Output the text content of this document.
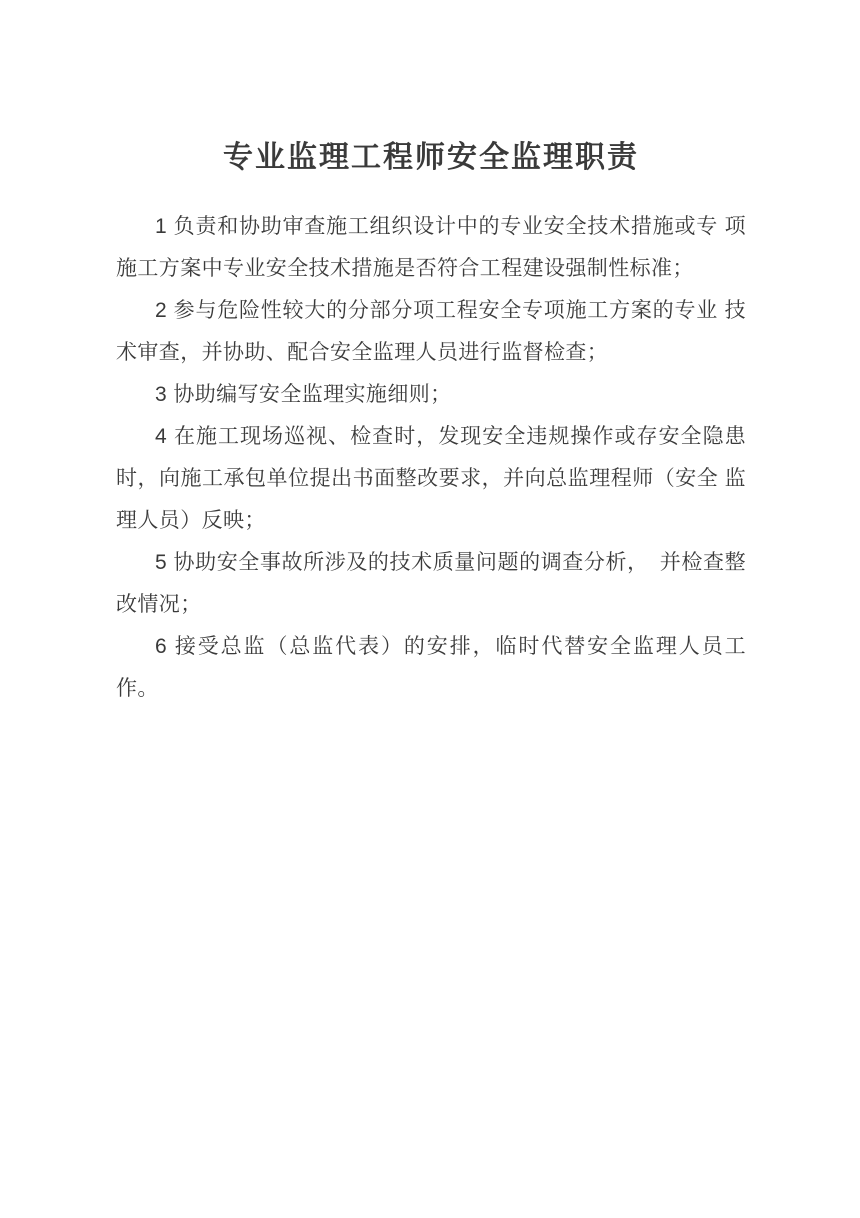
专业监理工程师安全监理职责

1 负责和协助审查施工组织设计中的专业安全技术措施或专 项施工方案中专业安全技术措施是否符合工程建设强制性标准；

2 参与危险性较大的分部分项工程安全专项施工方案的专业 技术审查，并协助、配合安全监理人员进行监督检查；

3 协助编写安全监理实施细则；

4 在施工现场巡视、检查时，发现安全违规操作或存安全隐患 时，向施工承包单位提出书面整改要求，并向总监理程师（安全 监理人员）反映；

5 协助安全事故所涉及的技术质量问题的调查分析，　并检查整改情况；

6 接受总监（总监代表）的安排，临时代替安全监理人员工作。
